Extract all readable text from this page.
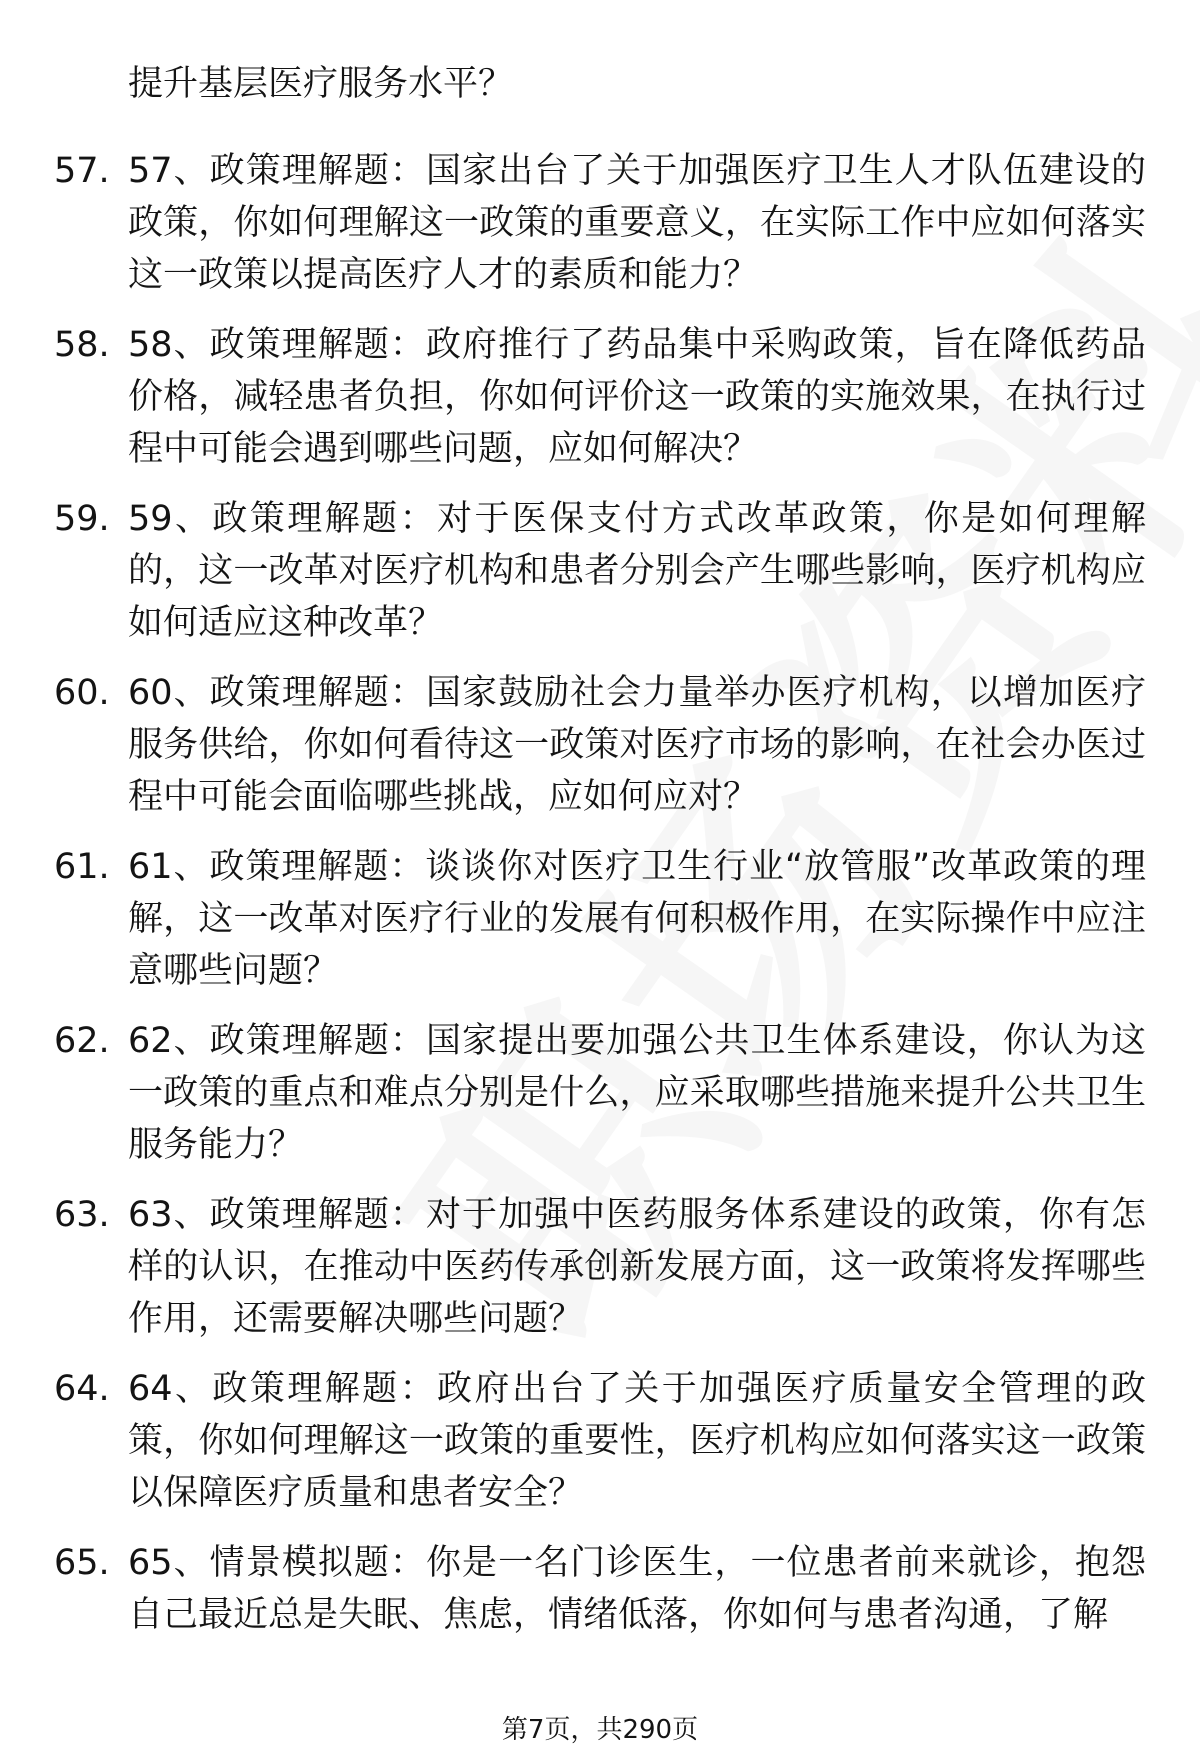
提升基层医疗服务水平？

57. 57、政策理解题：国家出台了关于加强医疗卫生人才队伍建设的政策，你如何理解这一政策的重要意义，在实际工作中应如何落实这一政策以提高医疗人才的素质和能力？

58. 58、政策理解题：政府推行了药品集中采购政策，旨在降低药品价格，减轻患者负担，你如何评价这一政策的实施效果，在执行过程中可能会遇到哪些问题，应如何解决？

59. 59、政策理解题：对于医保支付方式改革政策，你是如何理解的，这一改革对医疗机构和患者分别会产生哪些影响，医疗机构应如何适应这种改革？

60. 60、政策理解题：国家鼓励社会力量举办医疗机构，以增加医疗服务供给，你如何看待这一政策对医疗市场的影响，在社会办医过程中可能会面临哪些挑战，应如何应对？

61. 61、政策理解题：谈谈你对医疗卫生行业“放管服”改革政策的理解，这一改革对医疗行业的发展有何积极作用，在实际操作中应注意哪些问题？

62. 62、政策理解题：国家提出要加强公共卫生体系建设，你认为这一政策的重点和难点分别是什么，应采取哪些措施来提升公共卫生服务能力？

63. 63、政策理解题：对于加强中医药服务体系建设的政策，你有怎样的认识，在推动中医药传承创新发展方面，这一政策将发挥哪些作用，还需要解决哪些问题？

64. 64、政策理解题：政府出台了关于加强医疗质量安全管理的政策，你如何理解这一政策的重要性，医疗机构应如何落实这一政策以保障医疗质量和患者安全？

65. 65、情景模拟题：你是一名门诊医生，一位患者前来就诊，抱怨自己最近总是失眠、焦虑，情绪低落，你如何与患者沟通，了解

第7页，共290页
